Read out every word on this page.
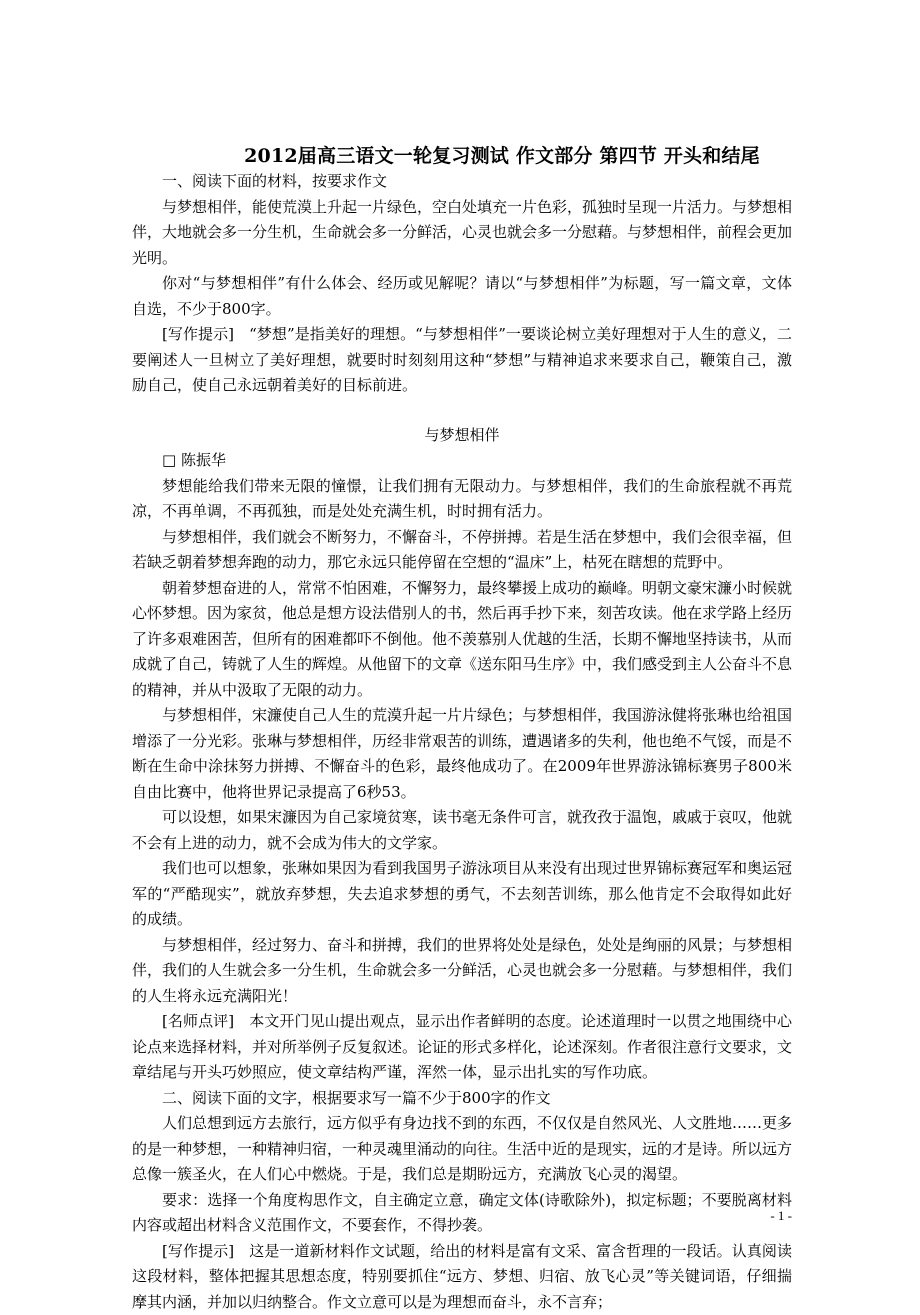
2012届高三语文一轮复习测试 作文部分 第四节 开头和结尾

一、阅读下面的材料，按要求作文

与梦想相伴，能使荒漠上升起一片绿色，空白处填充一片色彩，孤独时呈现一片活力。与梦想相伴，大地就会多一分生机，生命就会多一分鲜活，心灵也就会多一分慰藉。与梦想相伴，前程会更加光明。

你对“与梦想相伴”有什么体会、经历或见解呢？请以“与梦想相伴”为标题，写一篇文章，文体自选，不少于800字。

[写作提示]　“梦想”是指美好的理想。“与梦想相伴”一要谈论树立美好理想对于人生的意义，二要阐述人一旦树立了美好理想，就要时时刻刻用这种“梦想”与精神追求来要求自己，鞭策自己，激励自己，使自己永远朝着美好的目标前进。

与梦想相伴

□ 陈振华

梦想能给我们带来无限的憧憬，让我们拥有无限动力。与梦想相伴，我们的生命旅程就不再荒凉，不再单调，不再孤独，而是处处充满生机，时时拥有活力。

与梦想相伴，我们就会不断努力，不懈奋斗，不停拼搏。若是生活在梦想中，我们会很幸福，但若缺乏朝着梦想奔跑的动力，那它永远只能停留在空想的“温床”上，枯死在瞎想的荒野中。

朝着梦想奋进的人，常常不怕困难，不懈努力，最终攀援上成功的巅峰。明朝文豪宋濂小时候就心怀梦想。因为家贫，他总是想方设法借别人的书，然后再手抄下来，刻苦攻读。他在求学路上经历了许多艰难困苦，但所有的困难都吓不倒他。他不羡慕别人优越的生活，长期不懈地坚持读书，从而成就了自己，铸就了人生的辉煌。从他留下的文章《送东阳马生序》中，我们感受到主人公奋斗不息的精神，并从中汲取了无限的动力。

与梦想相伴，宋濂使自己人生的荒漠升起一片片绿色；与梦想相伴，我国游泳健将张琳也给祖国增添了一分光彩。张琳与梦想相伴，历经非常艰苦的训练，遭遇诸多的失利，他也绝不气馁，而是不断在生命中涂抹努力拼搏、不懈奋斗的色彩，最终他成功了。在2009年世界游泳锦标赛男子800米自由比赛中，他将世界记录提高了6秒53。

可以设想，如果宋濂因为自己家境贫寒，读书毫无条件可言，就孜孜于温饱，戚戚于哀叹，他就不会有上进的动力，就不会成为伟大的文学家。

我们也可以想象，张琳如果因为看到我国男子游泳项目从来没有出现过世界锦标赛冠军和奥运冠军的“严酷现实”，就放弃梦想，失去追求梦想的勇气，不去刻苦训练，那么他肯定不会取得如此好的成绩。

与梦想相伴，经过努力、奋斗和拼搏，我们的世界将处处是绿色，处处是绚丽的风景；与梦想相伴，我们的人生就会多一分生机，生命就会多一分鲜活，心灵也就会多一分慰藉。与梦想相伴，我们的人生将永远充满阳光！

[名师点评]　本文开门见山提出观点，显示出作者鲜明的态度。论述道理时一以贯之地围绕中心论点来选择材料，并对所举例子反复叙述。论证的形式多样化，论述深刻。作者很注意行文要求，文章结尾与开头巧妙照应，使文章结构严谨，浑然一体，显示出扎实的写作功底。

二、阅读下面的文字，根据要求写一篇不少于800字的作文

人们总想到远方去旅行，远方似乎有身边找不到的东西，不仅仅是自然风光、人文胜地……更多的是一种梦想，一种精神归宿，一种灵魂里涌动的向往。生活中近的是现实，远的才是诗。所以远方总像一簇圣火，在人们心中燃烧。于是，我们总是期盼远方，充满放飞心灵的渴望。

要求：选择一个角度构思作文，自主确定立意，确定文体(诗歌除外)，拟定标题；不要脱离材料内容或超出材料含义范围作文，不要套作，不得抄袭。

[写作提示]　这是一道新材料作文试题，给出的材料是富有文采、富含哲理的一段话。认真阅读这段材料，整体把握其思想态度，特别要抓住“远方、梦想、归宿、放飞心灵”等关键词语，仔细揣摩其内涵，并加以归纳整合。作文立意可以是为理想而奋斗，永不言弃；

- 1 -
